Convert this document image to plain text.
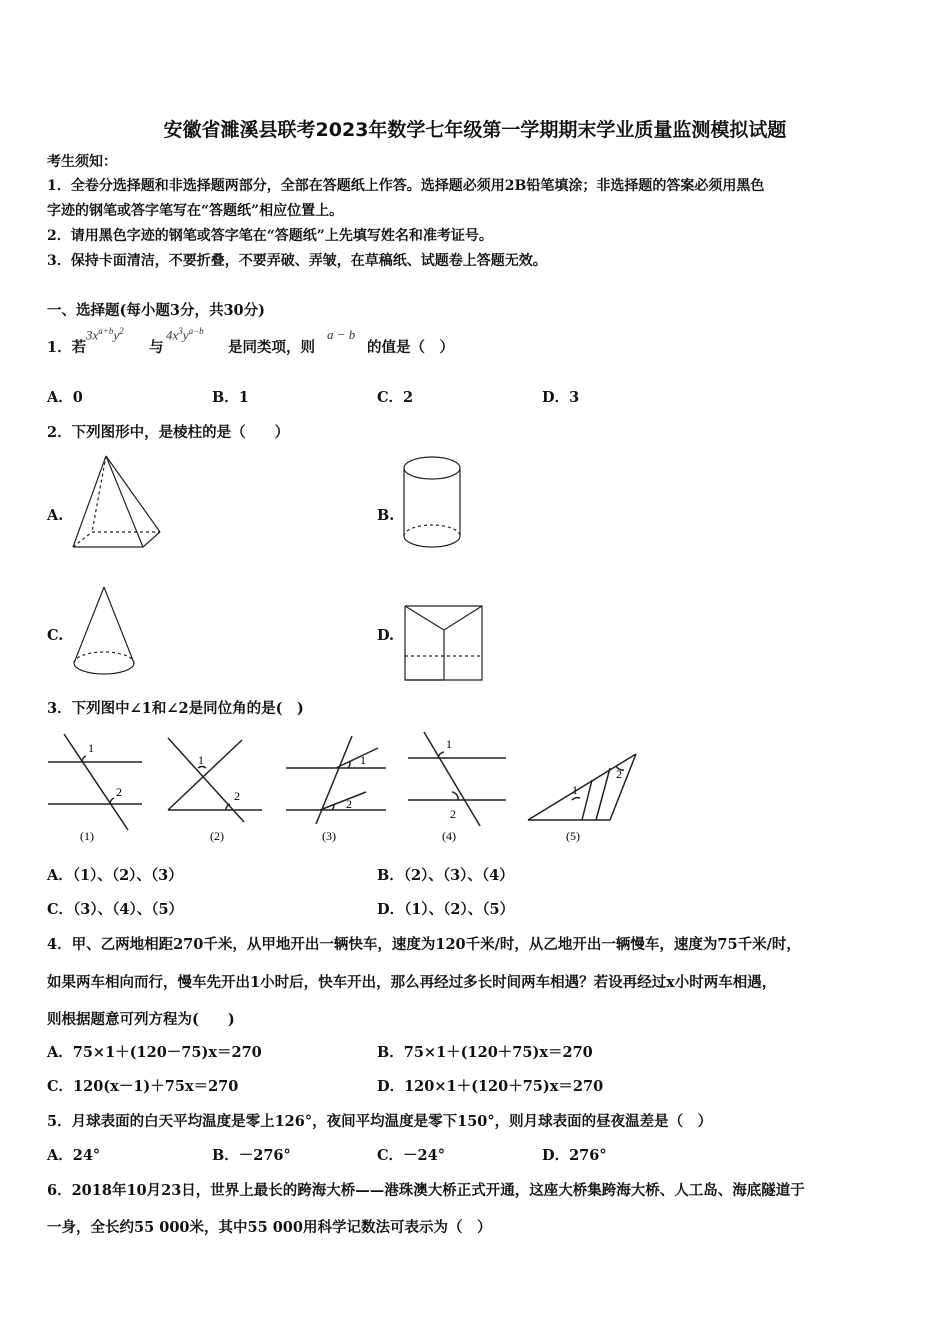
安徽省濉溪县联考2023年数学七年级第一学期期末学业质量监测模拟试题
考生须知：
1．全卷分选择题和非选择题两部分，全部在答题纸上作答。选择题必须用2B铅笔填涂；非选择题的答案必须用黑色
字迹的钢笔或答字笔写在“答题纸”相应位置上。
2．请用黑色字迹的钢笔或答字笔在“答题纸”上先填写姓名和准考证号。
3．保持卡面清洁，不要折叠，不要弄破、弄皱，在草稿纸、试题卷上答题无效。
一、选择题(每小题3分，共30分)
1．若
$3x^{a+b}y^2$
与
$4x^3y^{a-b}$
是同类项，则
a − b
的值是（　）
A．0	B．1	C．2	D．3
2．下列图形中，是棱柱的是（　　）
A.	B.
C.	D.
3．下列图中∠1和∠2是同位角的是(　)
1
2
(1)
1
2
(2)
1
2
(3)
1
2
(4)
1
2
(5)
A．（1）、（2）、（3）	B．（2）、（3）、（4）
C．（3）、（4）、（5）	D．（1）、（2）、（5）
4．甲、乙两地相距270千米，从甲地开出一辆快车，速度为120千米/时，从乙地开出一辆慢车，速度为75千米/时，
如果两车相向而行，慢车先开出1小时后，快车开出，那么再经过多长时间两车相遇？若设再经过x小时两车相遇，
则根据题意可列方程为(　　)
A．75×1＋(120－75)x＝270	B．75×1＋(120＋75)x＝270
C．120(x－1)＋75x＝270	D．120×1＋(120＋75)x＝270
5．月球表面的白天平均温度是零上126°，夜间平均温度是零下150°，则月球表面的昼夜温差是（　）
A．24°	B．－276°	C．－24°	D．276°
6．2018年10月23日，世界上最长的跨海大桥——港珠澳大桥正式开通，这座大桥集跨海大桥、人工岛、海底隧道于
一身，全长约55 000米，其中55 000用科学记数法可表示为（　）
